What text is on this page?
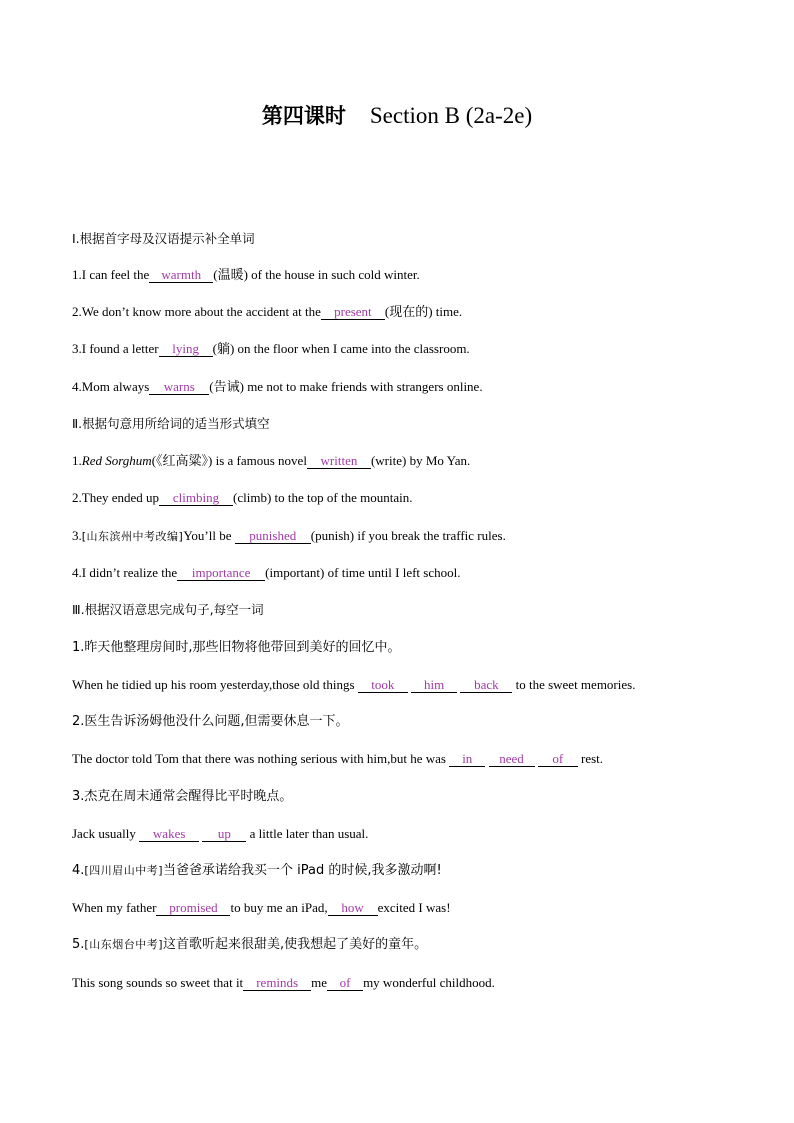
第四课时 Section B (2a-2e)
Ⅰ.根据首字母及汉语提示补全单词
1.I can feel the warmth (温暖) of the house in such cold winter.
2.We don’t know more about the accident at the present (现在的) time.
3.I found a letter lying (躺) on the floor when I came into the classroom.
4.Mom always warns (告诫) me not to make friends with strangers online.
Ⅱ.根据句意用所给词的适当形式填空
1.Red Sorghum(《红高粱》) is a famous novel written (write) by Mo Yan.
2.They ended up climbing (climb) to the top of the mountain.
3.[山东滨州中考改编]You’ll be punished (punish) if you break the traffic rules.
4.I didn’t realize the importance (important) of time until I left school.
Ⅲ.根据汉语意思完成句子,每空一词
1.昨天他整理房间时,那些旧物将他带回到美好的回忆中。
When he tidied up his room yesterday,those old things took him back to the sweet memories.
2.医生告诉汤姆他没什么问题,但需要休息一下。
The doctor told Tom that there was nothing serious with him,but he was in need of rest.
3.杰克在周末通常会醒得比平时晚点。
Jack usually wakes	up a little later than usual.
4.[四川眉山中考]当爸爸承诺给我买一个 iPad 的时候,我多激动啊!
When my father promised to buy me an iPad, how excited I was!
5.[山东烟台中考]这首歌听起来很甜美,使我想起了美好的童年。
This song sounds so sweet that it reminds me of my wonderful childhood.
